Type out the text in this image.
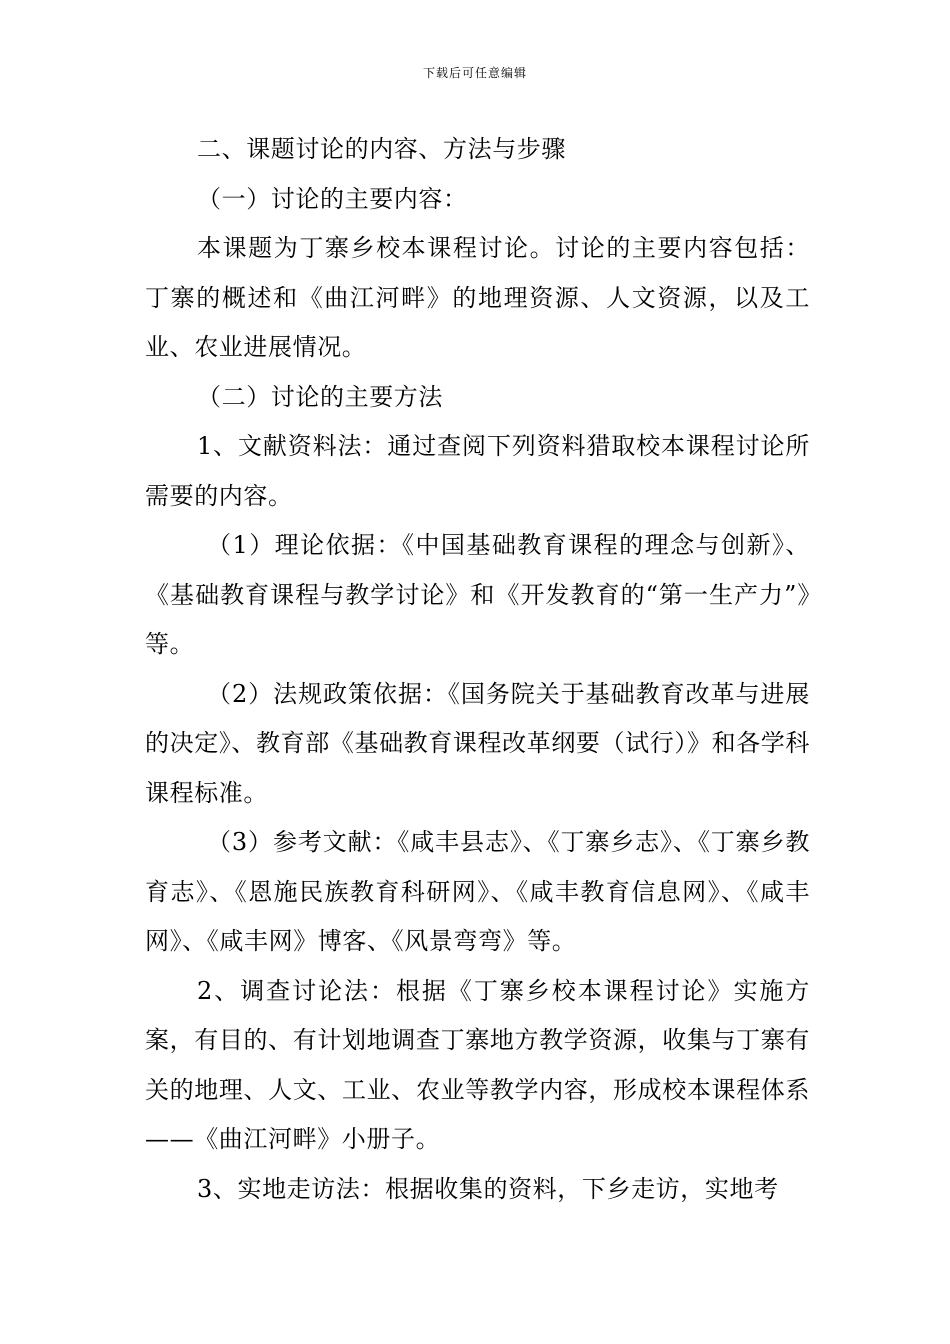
下载后可任意编辑

二、课题讨论的内容、方法与步骤

（一）讨论的主要内容：

本课题为丁寨乡校本课程讨论。讨论的主要内容包括：丁寨的概述和《曲江河畔》的地理资源、人文资源，以及工业、农业进展情况。

（二）讨论的主要方法

1、文献资料法：通过查阅下列资料猎取校本课程讨论所需要的内容。

（1）理论依据：《中国基础教育课程的理念与创新》、《基础教育课程与教学讨论》和《开发教育的“第一生产力”》等。

（2）法规政策依据：《国务院关于基础教育改革与进展的决定》、教育部《基础教育课程改革纲要（试行）》和各学科课程标准。

（3）参考文献：《咸丰县志》、《丁寨乡志》、《丁寨乡教育志》、《恩施民族教育科研网》、《咸丰教育信息网》、《咸丰网》、《咸丰网》博客、《风景弯弯》等。

2、调查讨论法：根据《丁寨乡校本课程讨论》实施方案，有目的、有计划地调查丁寨地方教学资源，收集与丁寨有关的地理、人文、工业、农业等教学内容，形成校本课程体系——《曲江河畔》小册子。

3、实地走访法：根据收集的资料，下乡走访，实地考
